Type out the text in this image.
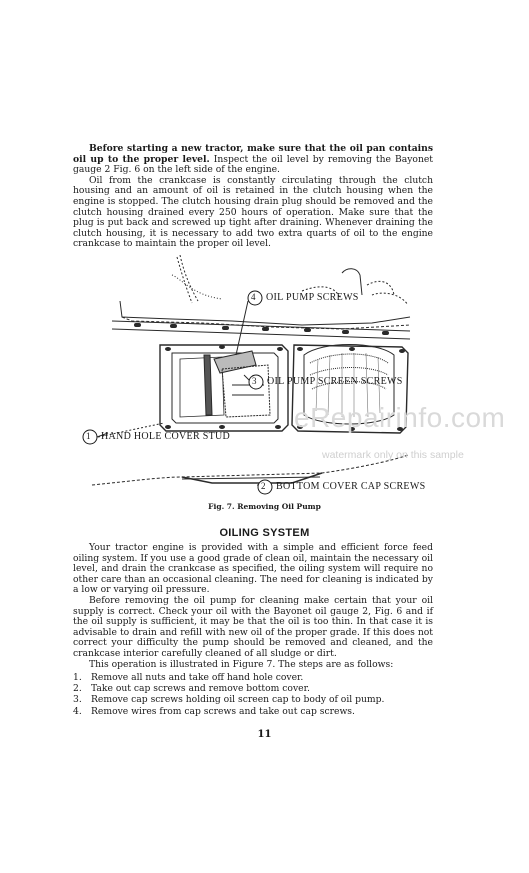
Before starting a new tractor, make sure that the oil pan contains oil up to the proper level. Inspect the oil level by removing the Bayonet gauge 2 Fig. 6 on the left side of the engine.

Oil from the crankcase is constantly circulating through the clutch housing and an amount of oil is retained in the clutch housing when the engine is stopped. The clutch housing drain plug should be removed and the clutch housing drained every 250 hours of operation. Make sure that the plug is put back and screwed up tight after draining. Whenever draining the clutch housing, it is necessary to add two extra quarts of oil to the engine crankcase to maintain the proper oil level.

4 OIL PUMP SCREWS
3 OIL PUMP SCREEN SCREWS
1 HAND HOLE COVER STUD
2 BOTTOM COVER CAP SCREWS
eRepairinfo.com
watermark only on this sample
Fig. 7. Removing Oil Pump
OILING SYSTEM

Your tractor engine is provided with a simple and efficient force feed oiling system. If you use a good grade of clean oil, maintain the necessary oil level, and drain the crankcase as specified, the oiling system will require no other care than an occasional cleaning. The need for cleaning is indicated by a low or varying oil pressure.

Before removing the oil pump for cleaning make certain that your oil supply is correct. Check your oil with the Bayonet oil gauge 2, Fig. 6 and if the oil supply is sufficient, it may be that the oil is too thin. In that case it is advisable to drain and refill with new oil of the proper grade. If this does not correct your difficulty the pump should be removed and cleaned, and the crankcase interior carefully cleaned of all sludge or dirt.

This operation is illustrated in Figure 7. The steps are as follows:

1.	Remove all nuts and take off hand hole cover.
2.	Take out cap screws and remove bottom cover.
3.	Remove cap screws holding oil screen cap to body of oil pump.
4.	Remove wires from cap screws and take out cap screws.
11
